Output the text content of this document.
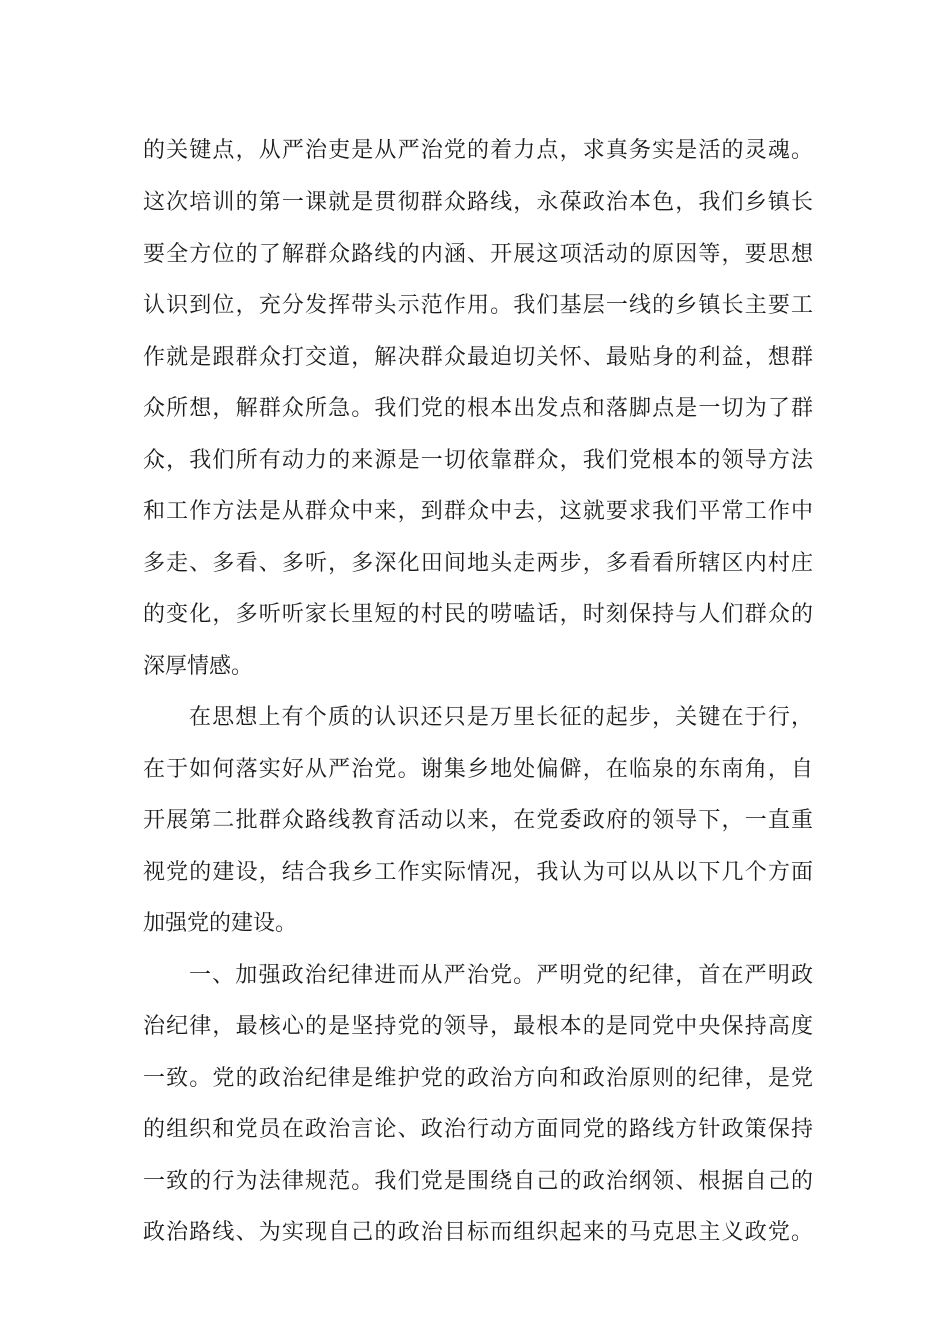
的关键点，从严治吏是从严治党的着力点，求真务实是活的灵魂。
这次培训的第一课就是贯彻群众路线，永葆政治本色，我们乡镇长
要全方位的了解群众路线的内涵、开展这项活动的原因等，要思想
认识到位，充分发挥带头示范作用。我们基层一线的乡镇长主要工
作就是跟群众打交道，解决群众最迫切关怀、最贴身的利益，想群
众所想，解群众所急。我们党的根本出发点和落脚点是一切为了群
众，我们所有动力的来源是一切依靠群众，我们党根本的领导方法
和工作方法是从群众中来，到群众中去，这就要求我们平常工作中
多走、多看、多听，多深化田间地头走两步，多看看所辖区内村庄
的变化，多听听家长里短的村民的唠嗑话，时刻保持与人们群众的
深厚情感。
在思想上有个质的认识还只是万里长征的起步，关键在于行，
在于如何落实好从严治党。谢集乡地处偏僻，在临泉的东南角，自
开展第二批群众路线教育活动以来，在党委政府的领导下，一直重
视党的建设，结合我乡工作实际情况，我认为可以从以下几个方面
加强党的建设。
一、加强政治纪律进而从严治党。严明党的纪律，首在严明政
治纪律，最核心的是坚持党的领导，最根本的是同党中央保持高度
一致。党的政治纪律是维护党的政治方向和政治原则的纪律，是党
的组织和党员在政治言论、政治行动方面同党的路线方针政策保持
一致的行为法律规范。我们党是围绕自己的政治纲领、根据自己的
政治路线、为实现自己的政治目标而组织起来的马克思主义政党。
